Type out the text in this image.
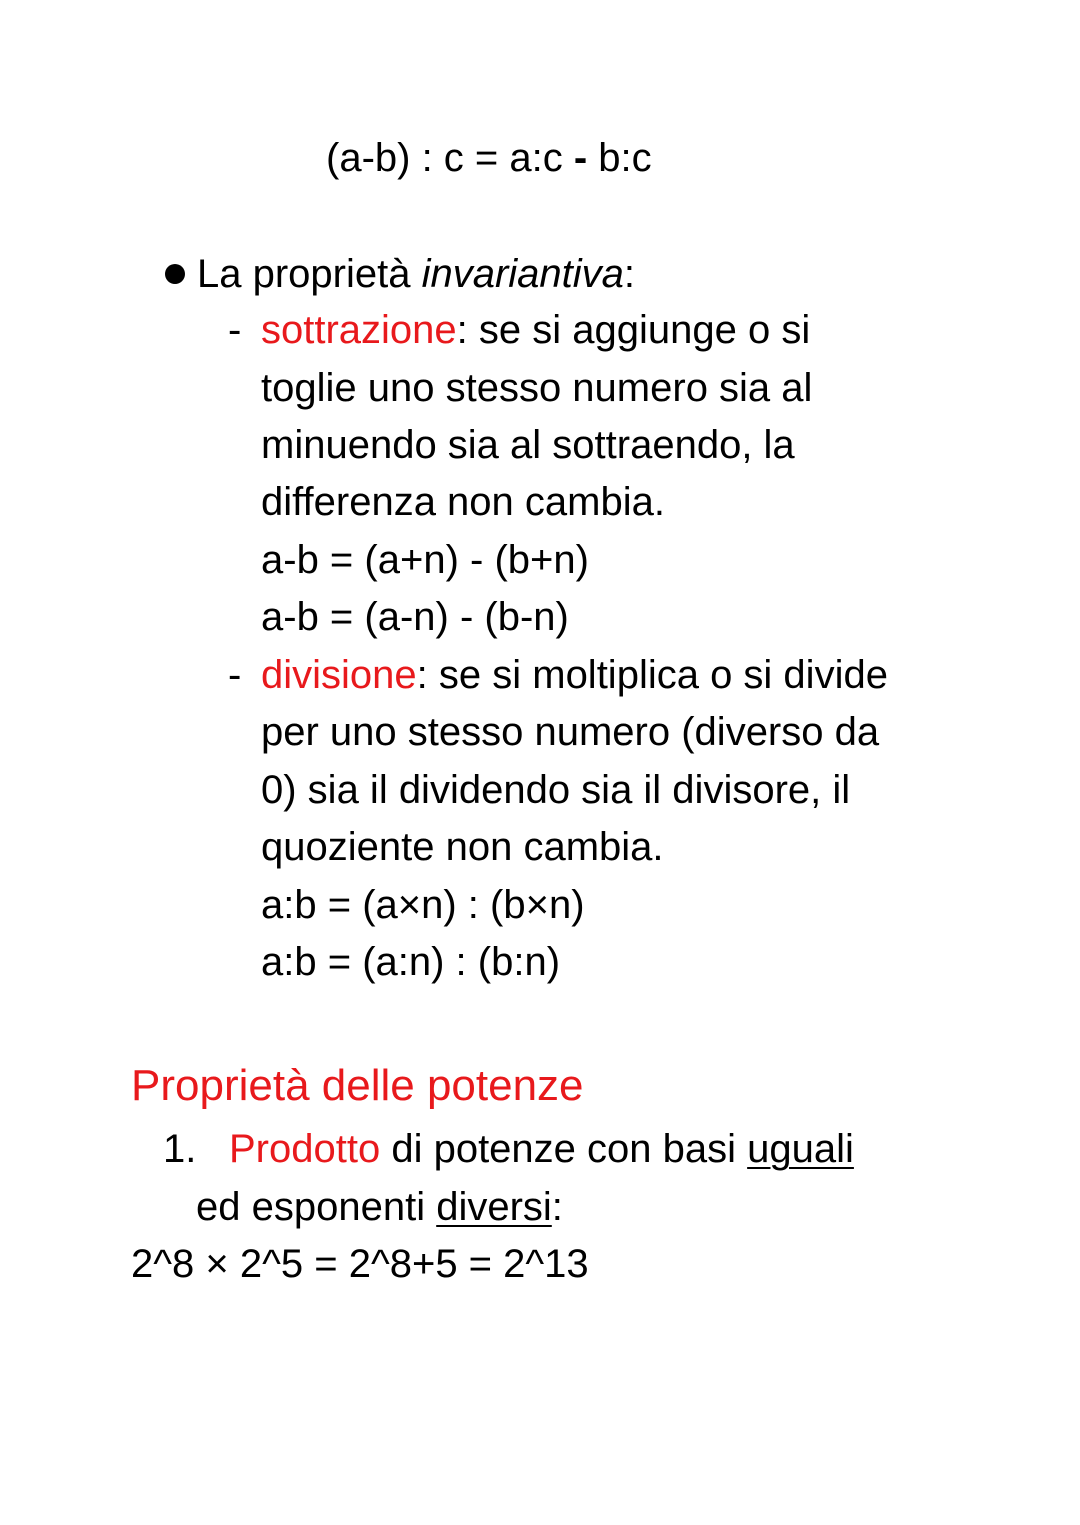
(a-b) : c = a:c - b:c
La proprietà invariantiva:
- sottrazione: se si aggiunge o si
toglie uno stesso numero sia al
minuendo sia al sottraendo, la
differenza non cambia.
a-b = (a+n) - (b+n)
a-b = (a-n) - (b-n)
- divisione: se si moltiplica o si divide
per uno stesso numero (diverso da
0) sia il dividendo sia il divisore, il
quoziente non cambia.
a:b = (a×n) : (b×n)
a:b = (a:n) : (b:n)
Proprietà delle potenze
1. Prodotto di potenze con basi uguali
ed esponenti diversi:
2^8 × 2^5 = 2^8+5 = 2^13
